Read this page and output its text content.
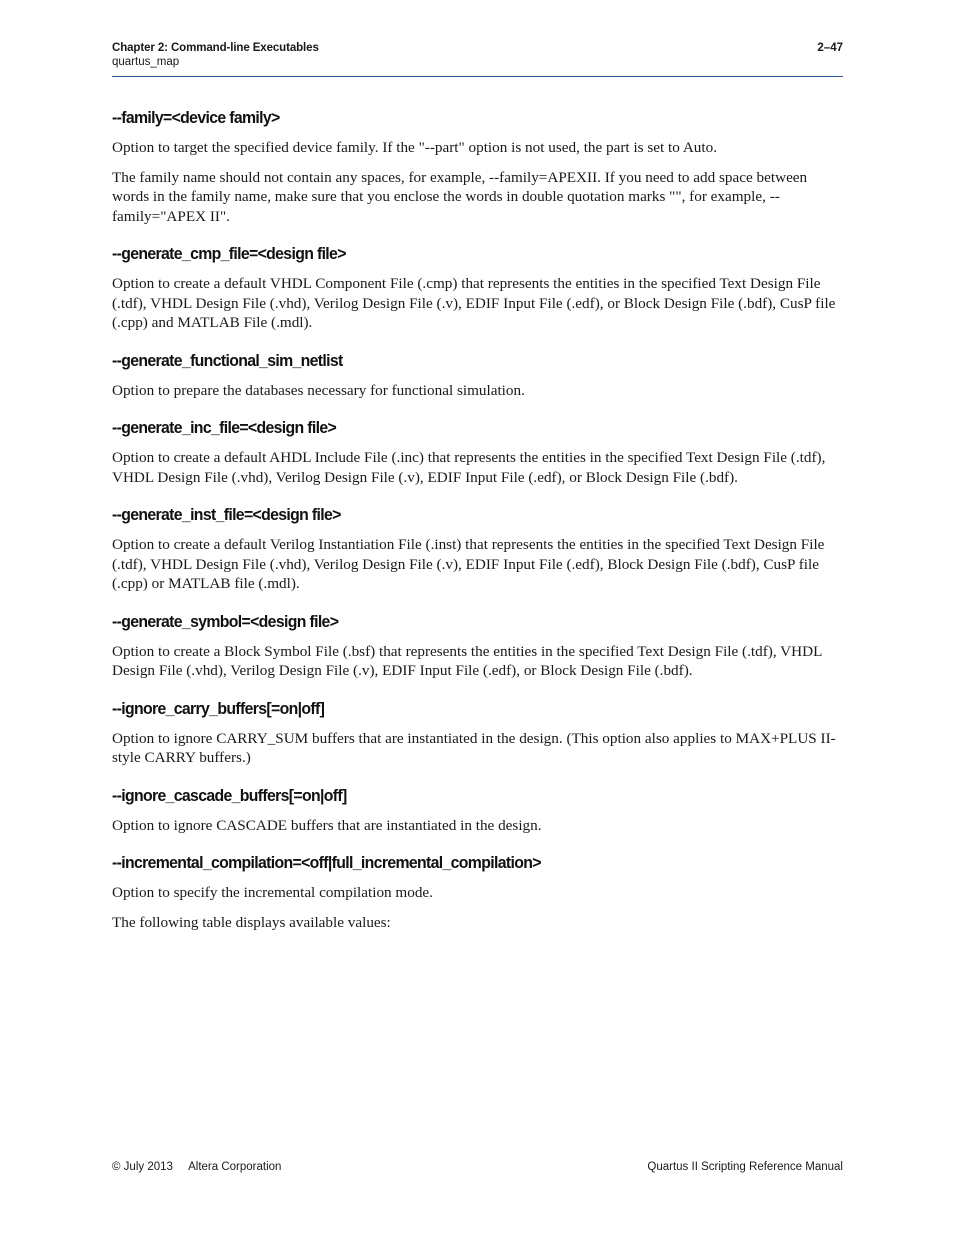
Chapter 2: Command-line Executables	2–47
quartus_map
--family=<device family>

Option to target the specified device family. If the "--part" option is not used, the part is set to Auto.

The family name should not contain any spaces, for example, --family=APEXII. If you need to add space between words in the family name, make sure that you enclose the words in double quotation marks "", for example, --family="APEX II".

--generate_cmp_file=<design file>

Option to create a default VHDL Component File (.cmp) that represents the entities in the specified Text Design File (.tdf), VHDL Design File (.vhd), Verilog Design File (.v), EDIF Input File (.edf), or Block Design File (.bdf), CusP file (.cpp) and MATLAB File (.mdl).

--generate_functional_sim_netlist

Option to prepare the databases necessary for functional simulation.

--generate_inc_file=<design file>

Option to create a default AHDL Include File (.inc) that represents the entities in the specified Text Design File (.tdf), VHDL Design File (.vhd), Verilog Design File (.v), EDIF Input File (.edf), or Block Design File (.bdf).

--generate_inst_file=<design file>

Option to create a default Verilog Instantiation File (.inst) that represents the entities in the specified Text Design File (.tdf), VHDL Design File (.vhd), Verilog Design File (.v), EDIF Input File (.edf), Block Design File (.bdf), CusP file (.cpp) or MATLAB file (.mdl).

--generate_symbol=<design file>

Option to create a Block Symbol File (.bsf) that represents the entities in the specified Text Design File (.tdf), VHDL Design File (.vhd), Verilog Design File (.v), EDIF Input File (.edf), or Block Design File (.bdf).

--ignore_carry_buffers[=on|off]

Option to ignore CARRY_SUM buffers that are instantiated in the design. (This option also applies to MAX+PLUS II-style CARRY buffers.)

--ignore_cascade_buffers[=on|off]

Option to ignore CASCADE buffers that are instantiated in the design.

--incremental_compilation=<off|full_incremental_compilation>

Option to specify the incremental compilation mode.

The following table displays available values:

© July 2013 Altera Corporation	Quartus II Scripting Reference Manual
